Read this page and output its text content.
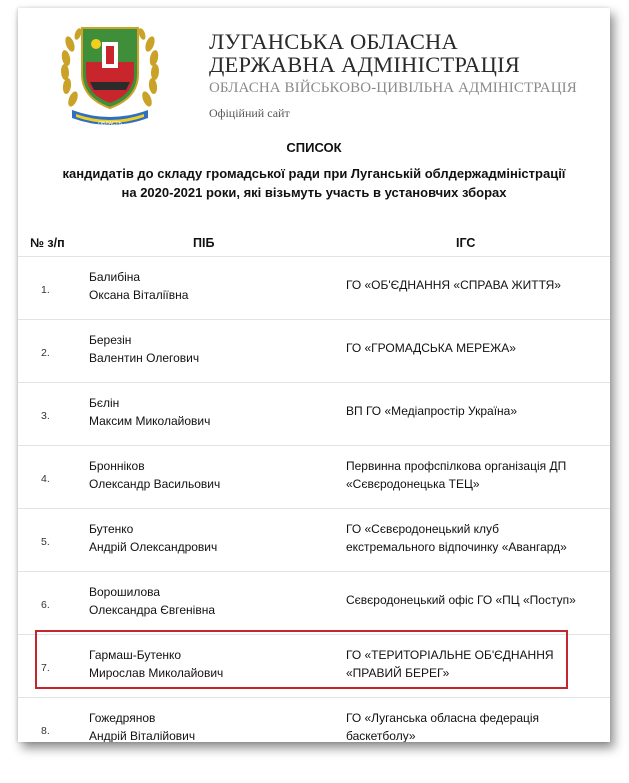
ОБЛАСТЬ
ЛУГАНСЬКА ОБЛАСНА
ДЕРЖАВНА АДМІНІСТРАЦІЯ
ОБЛАСНА ВІЙСЬКОВО-ЦИВІЛЬНА АДМІНІСТРАЦІЯ
Офіційний сайт
СПИСОК
кандидатів до складу громадської ради при Луганській облдержадміністрації
на 2020-2021 роки, які візьмуть участь в установчих зборах
№ з/п	ПІБ	ІГС
1.
Балибіна
Оксана Віталіївна
ГО «ОБ'ЄДНАННЯ «СПРАВА ЖИТТЯ»
2.
Березін
Валентин Олегович
ГО «ГРОМАДСЬКА МЕРЕЖА»
3.
Бєлін
Максим Миколайович
ВП ГО «Медіапростір Україна»
4.
Бронніков
Олександр Васильович
Первинна профспілкова організація ДП
«Сєвєродонецька ТЕЦ»
5.
Бутенко
Андрій Олександрович
ГО «Сєвєродонецький клуб
екстремального відпочинку «Авангард»
6.
Ворошилова
Олександра Євгенівна
Сєвєродонецький офіс ГО «ПЦ «Поступ»
7.
Гармаш-Бутенко
Мирослав Миколайович
ГО «ТЕРИТОРІАЛЬНЕ ОБ'ЄДНАННЯ
«ПРАВИЙ БЕРЕГ»
8.
Гожедрянов
Андрій Віталійович
ГО «Луганська обласна федерація
баскетболу»
